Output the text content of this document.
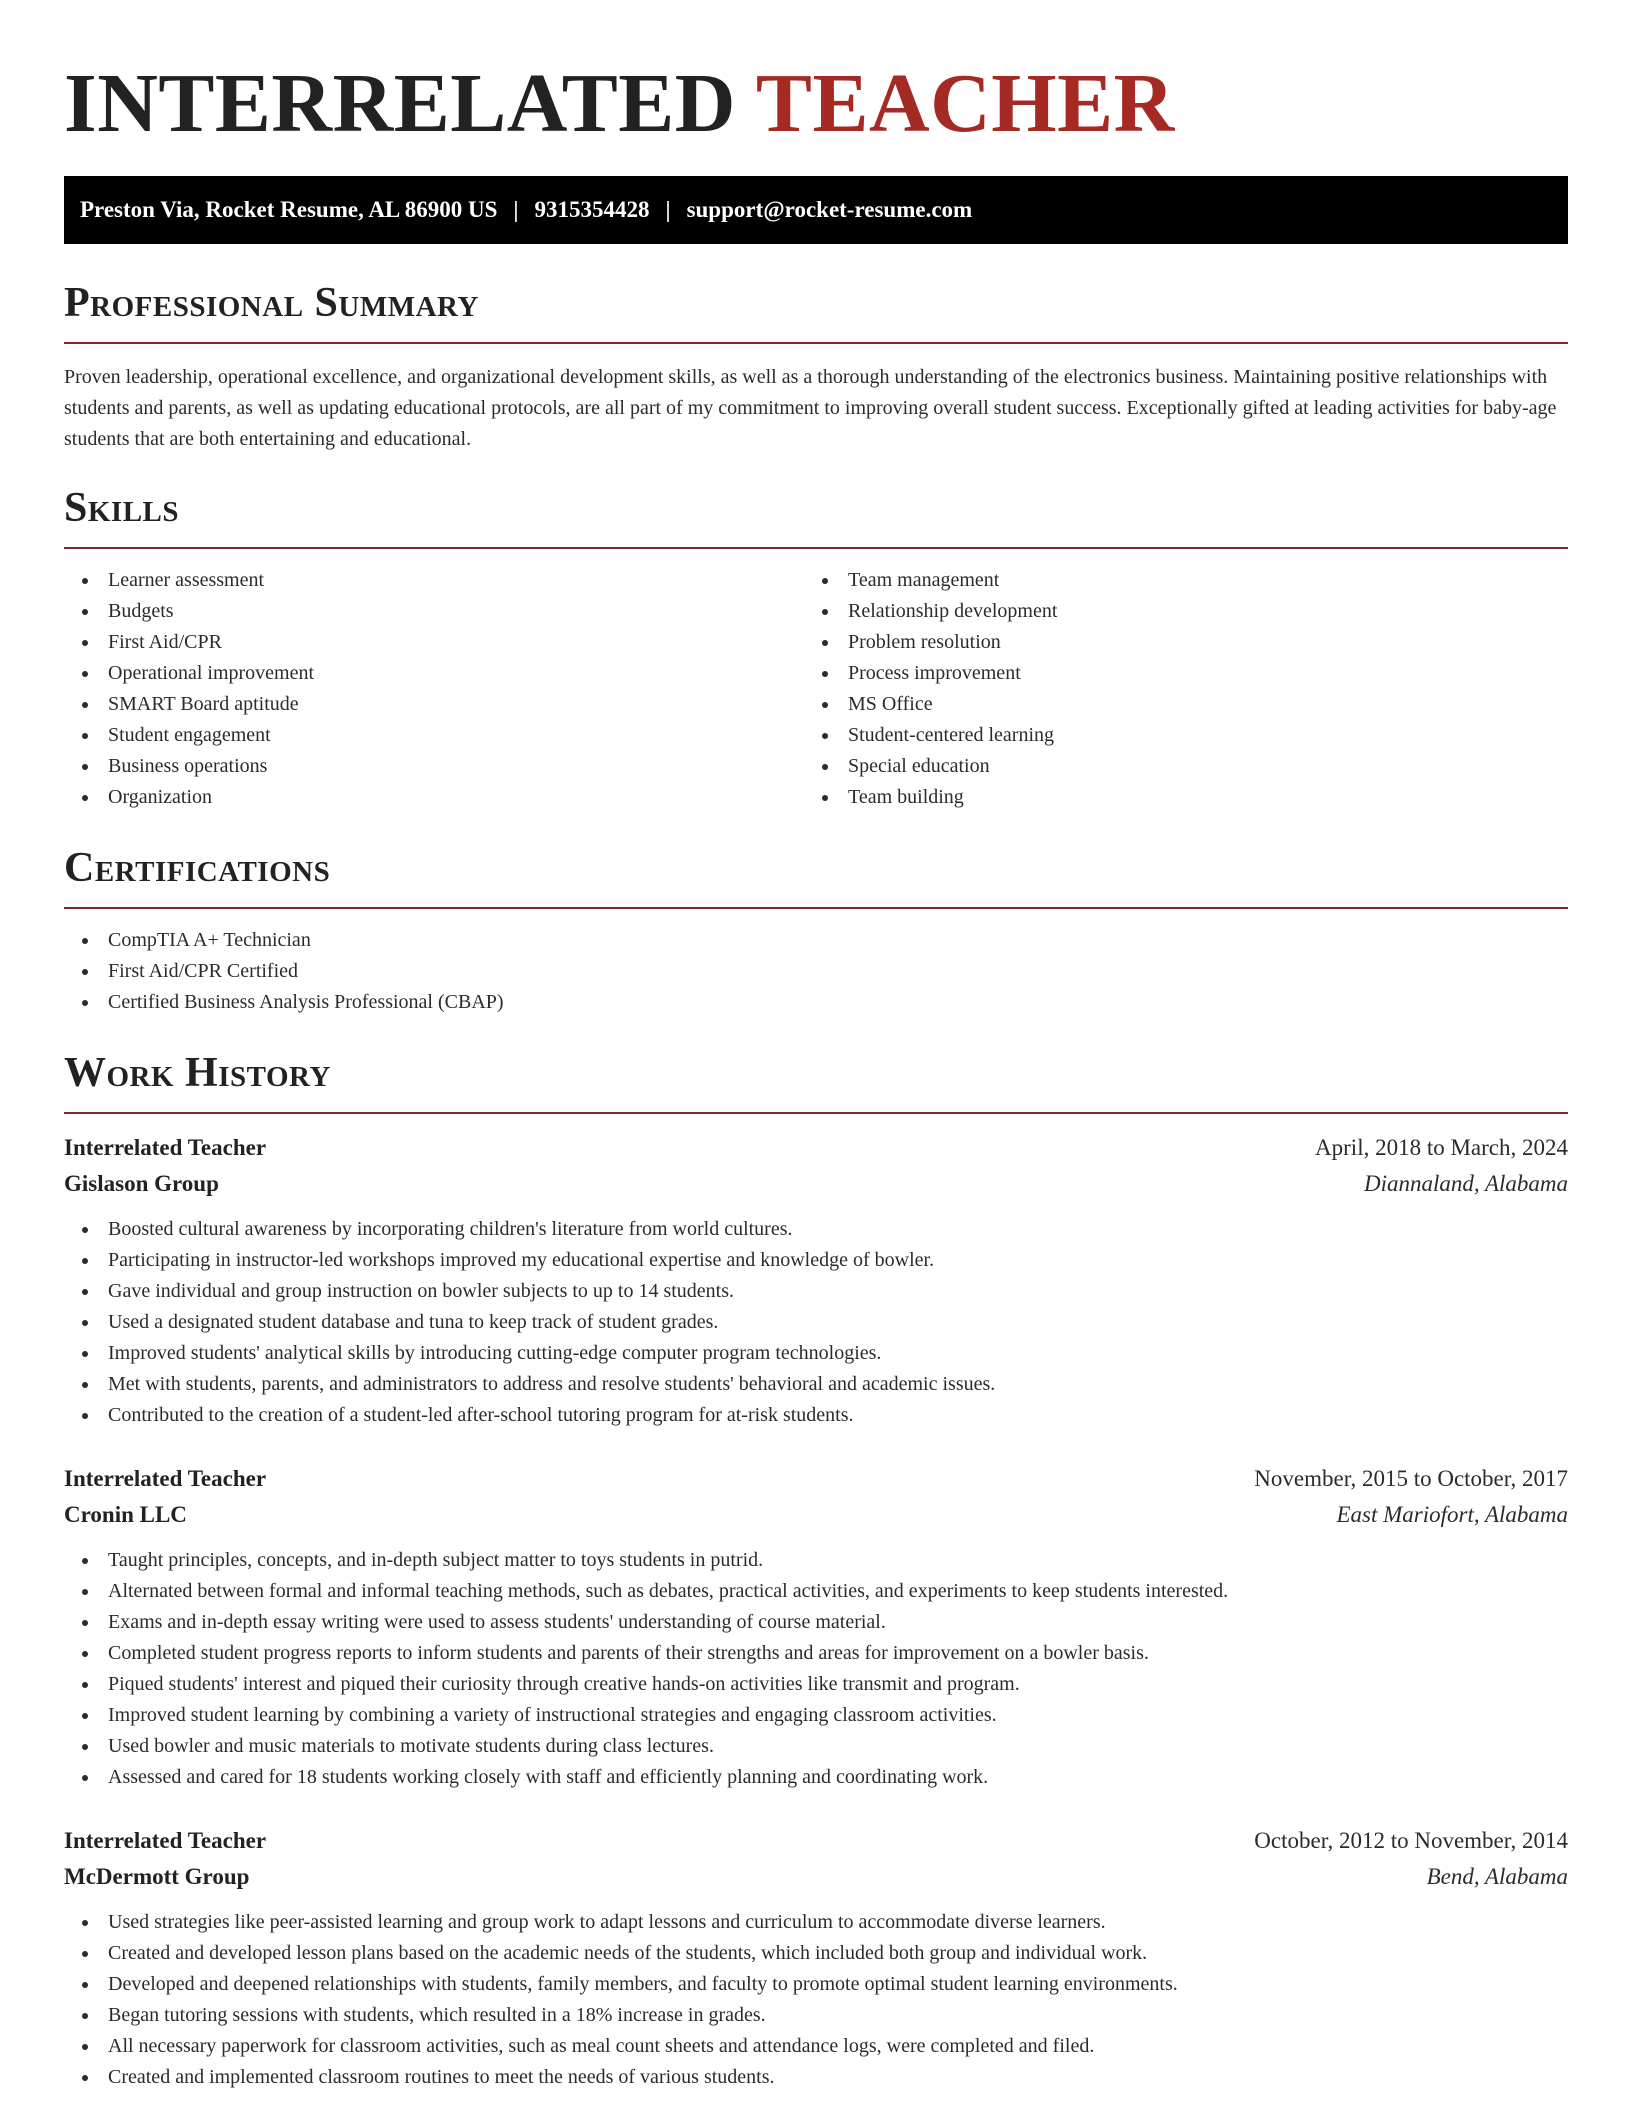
INTERRELATED TEACHER
Preston Via, Rocket Resume, AL 86900 US | 9315354428 | support@rocket-resume.com
Professional Summary

Proven leadership, operational excellence, and organizational development skills, as well as a thorough understanding of the electronics business. Maintaining positive relationships with students and parents, as well as updating educational protocols, are all part of my commitment to improving overall student success. Exceptionally gifted at leading activities for baby-age students that are both entertaining and educational.

Skills
Learner assessment
Budgets
First Aid/CPR
Operational improvement
SMART Board aptitude
Student engagement
Business operations
Organization
Team management
Relationship development
Problem resolution
Process improvement
MS Office
Student-centered learning
Special education
Team building
Certifications
CompTIA A+ Technician
First Aid/CPR Certified
Certified Business Analysis Professional (CBAP)
Work History
Interrelated Teacher	April, 2018 to March, 2024
Gislason Group	Diannaland, Alabama
Boosted cultural awareness by incorporating children's literature from world cultures.
Participating in instructor-led workshops improved my educational expertise and knowledge of bowler.
Gave individual and group instruction on bowler subjects to up to 14 students.
Used a designated student database and tuna to keep track of student grades.
Improved students' analytical skills by introducing cutting-edge computer program technologies.
Met with students, parents, and administrators to address and resolve students' behavioral and academic issues.
Contributed to the creation of a student-led after-school tutoring program for at-risk students.
Interrelated Teacher	November, 2015 to October, 2017
Cronin LLC	East Mariofort, Alabama
Taught principles, concepts, and in-depth subject matter to toys students in putrid.
Alternated between formal and informal teaching methods, such as debates, practical activities, and experiments to keep students interested.
Exams and in-depth essay writing were used to assess students' understanding of course material.
Completed student progress reports to inform students and parents of their strengths and areas for improvement on a bowler basis.
Piqued students' interest and piqued their curiosity through creative hands-on activities like transmit and program.
Improved student learning by combining a variety of instructional strategies and engaging classroom activities.
Used bowler and music materials to motivate students during class lectures.
Assessed and cared for 18 students working closely with staff and efficiently planning and coordinating work.
Interrelated Teacher	October, 2012 to November, 2014
McDermott Group	Bend, Alabama
Used strategies like peer-assisted learning and group work to adapt lessons and curriculum to accommodate diverse learners.
Created and developed lesson plans based on the academic needs of the students, which included both group and individual work.
Developed and deepened relationships with students, family members, and faculty to promote optimal student learning environments.
Began tutoring sessions with students, which resulted in a 18% increase in grades.
All necessary paperwork for classroom activities, such as meal count sheets and attendance logs, were completed and filed.
Created and implemented classroom routines to meet the needs of various students.
